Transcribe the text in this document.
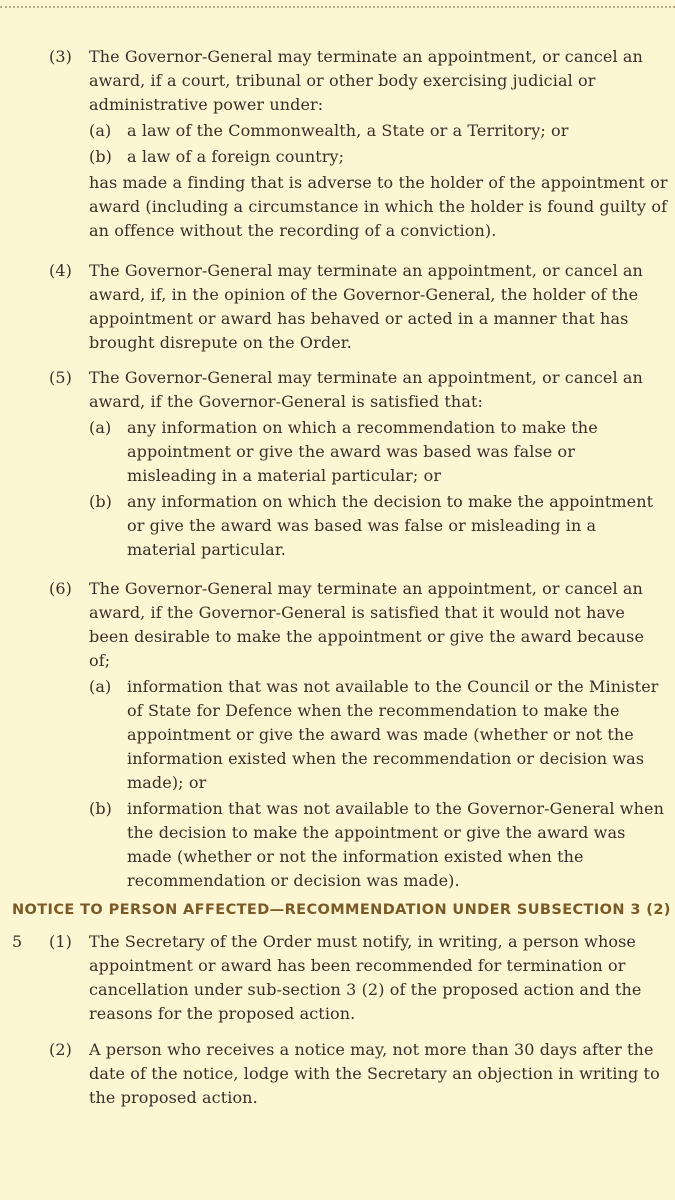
(3) The Governor-General may terminate an appointment, or cancel an award, if a court, tribunal or other body exercising judicial or administrative power under:
(a) a law of the Commonwealth, a State or a Territory; or
(b) a law of a foreign country;
has made a finding that is adverse to the holder of the appointment or award (including a circumstance in which the holder is found guilty of an offence without the recording of a conviction).
(4) The Governor-General may terminate an appointment, or cancel an award, if, in the opinion of the Governor-General, the holder of the appointment or award has behaved or acted in a manner that has brought disrepute on the Order.
(5) The Governor-General may terminate an appointment, or cancel an award, if the Governor-General is satisfied that:
(a) any information on which a recommendation to make the appointment or give the award was based was false or misleading in a material particular; or
(b) any information on which the decision to make the appointment or give the award was based was false or misleading in a material particular.
(6) The Governor-General may terminate an appointment, or cancel an award, if the Governor-General is satisfied that it would not have been desirable to make the appointment or give the award because of;
(a) information that was not available to the Council or the Minister of State for Defence when the recommendation to make the appointment or give the award was made (whether or not the information existed when the recommendation or decision was made); or
(b) information that was not available to the Governor-General when the decision to make the appointment or give the award was made (whether or not the information existed when the recommendation or decision was made).
NOTICE TO PERSON AFFECTED—RECOMMENDATION UNDER SUBSECTION 3 (2)
5 (1) The Secretary of the Order must notify, in writing, a person whose appointment or award has been recommended for termination or cancellation under sub-section 3 (2) of the proposed action and the reasons for the proposed action.
(2) A person who receives a notice may, not more than 30 days after the date of the notice, lodge with the Secretary an objection in writing to the proposed action.
